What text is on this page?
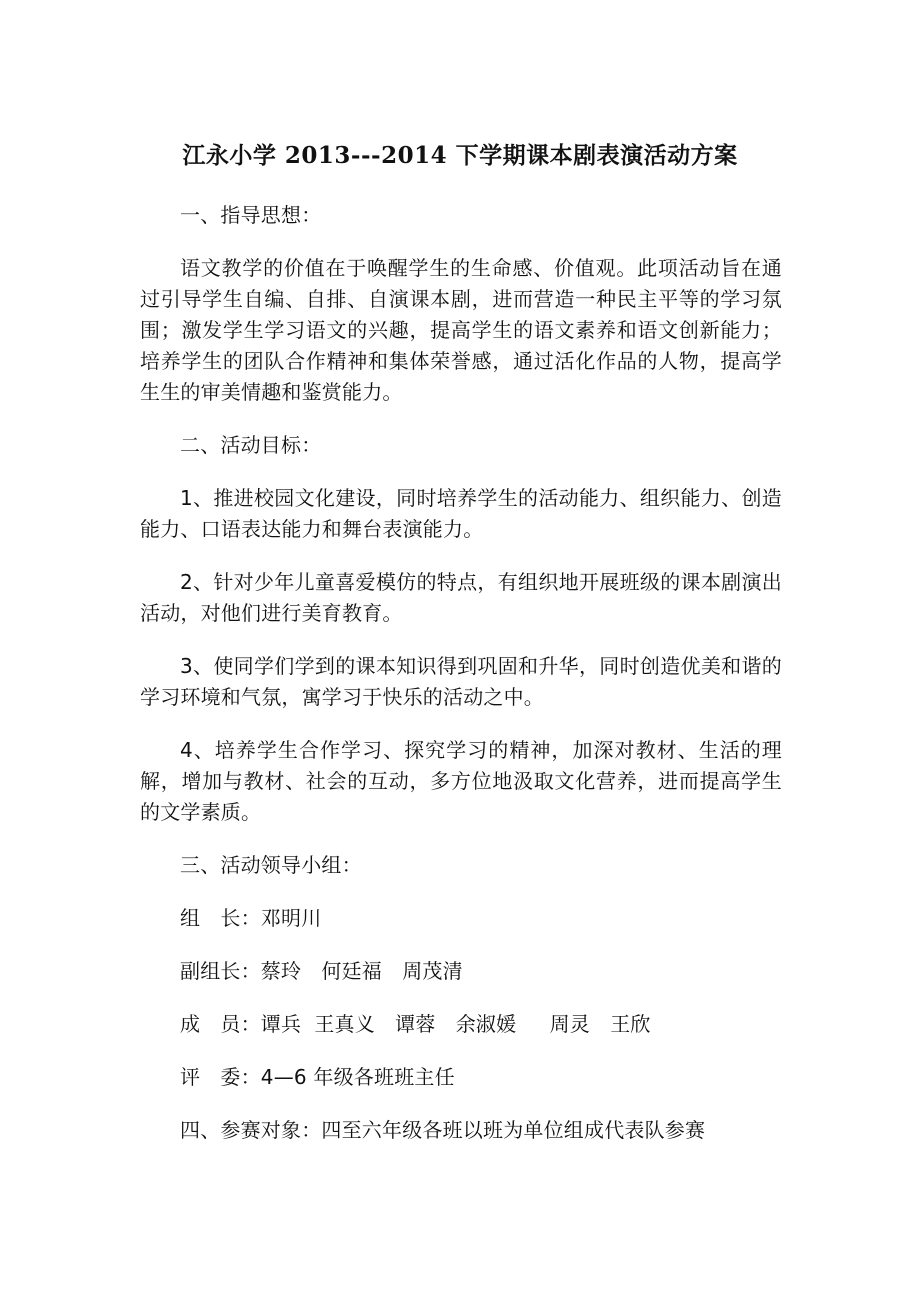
江永小学 2013---2014 下学期课本剧表演活动方案

一、指导思想：

语文教学的价值在于唤醒学生的生命感、价值观。此项活动旨在通过引导学生自编、自排、自演课本剧，进而营造一种民主平等的学习氛围；激发学生学习语文的兴趣，提高学生的语文素养和语文创新能力；培养学生的团队合作精神和集体荣誉感，通过活化作品的人物，提高学生生的审美情趣和鉴赏能力。

二、活动目标：

1、推进校园文化建设，同时培养学生的活动能力、组织能力、创造能力、口语表达能力和舞台表演能力。

2、针对少年儿童喜爱模仿的特点，有组织地开展班级的课本剧演出活动，对他们进行美育教育。

3、使同学们学到的课本知识得到巩固和升华，同时创造优美和谐的学习环境和气氛，寓学习于快乐的活动之中。

4、培养学生合作学习、探究学习的精神，加深对教材、生活的理解，增加与教材、社会的互动，多方位地汲取文化营养，进而提高学生的文学素质。

三、活动领导小组：

组　长：邓明川

副组长：蔡玲　何廷福　周茂清

成　员：谭兵  王真义　谭蓉　余淑媛　  周灵　王欣

评　委：4—6 年级各班班主任

四、参赛对象：四至六年级各班以班为单位组成代表队参赛
